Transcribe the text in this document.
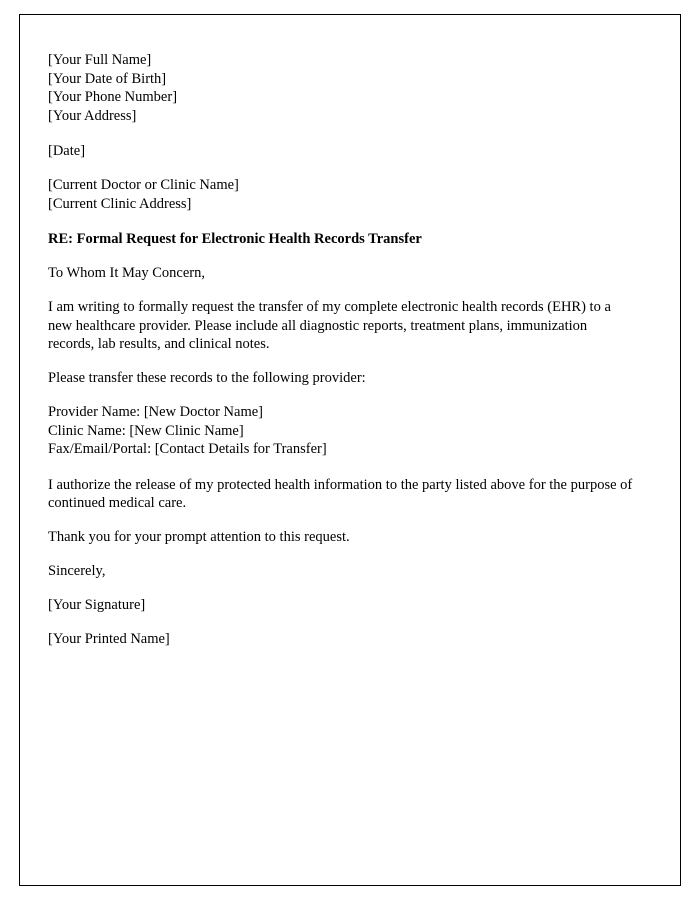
[Your Full Name]
[Your Date of Birth]
[Your Phone Number]
[Your Address]

[Date]

[Current Doctor or Clinic Name]
[Current Clinic Address]

RE: Formal Request for Electronic Health Records Transfer

To Whom It May Concern,

I am writing to formally request the transfer of my complete electronic health records (EHR) to a new healthcare provider. Please include all diagnostic reports, treatment plans, immunization records, lab results, and clinical notes.

Please transfer these records to the following provider:

Provider Name: [New Doctor Name]
Clinic Name: [New Clinic Name]
Fax/Email/Portal: [Contact Details for Transfer]

I authorize the release of my protected health information to the party listed above for the purpose of continued medical care.

Thank you for your prompt attention to this request.

Sincerely,

[Your Signature]

[Your Printed Name]
